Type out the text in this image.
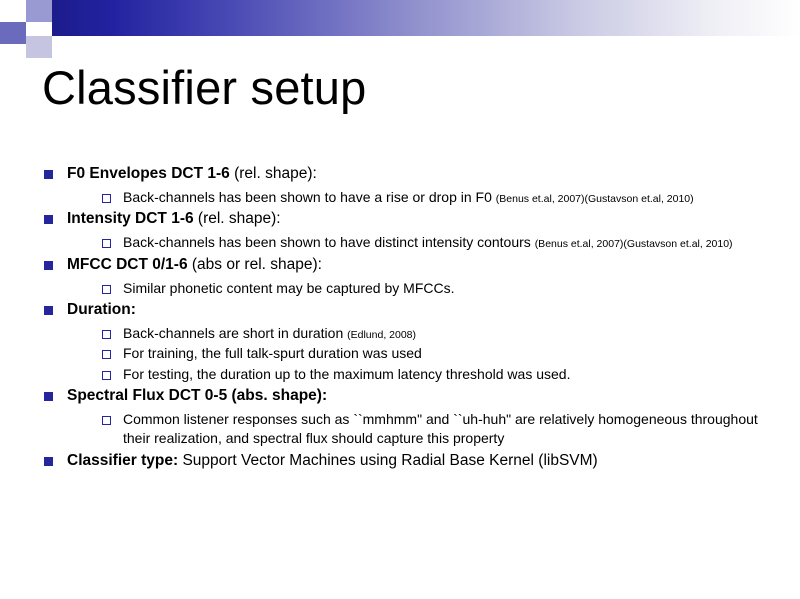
Classifier setup
F0 Envelopes DCT 1-6 (rel. shape):
Back-channels has been shown to have a rise or drop in F0 (Benus et.al, 2007)(Gustavson et.al, 2010)
Intensity DCT 1-6 (rel. shape):
Back-channels has been shown to have distinct intensity contours (Benus et.al, 2007)(Gustavson et.al, 2010)
MFCC DCT 0/1-6 (abs or rel. shape):
Similar phonetic content may be captured by MFCCs.
Duration:
Back-channels are short in duration (Edlund, 2008)
For training, the full talk-spurt duration was used
For testing, the duration up to the maximum latency threshold was used.
Spectral Flux DCT 0-5 (abs. shape):
Common listener responses such as ``mmhmm" and ``uh-huh" are relatively homogeneous throughout their realization, and spectral flux should capture this property
Classifier type: Support Vector Machines using Radial Base Kernel (libSVM)
